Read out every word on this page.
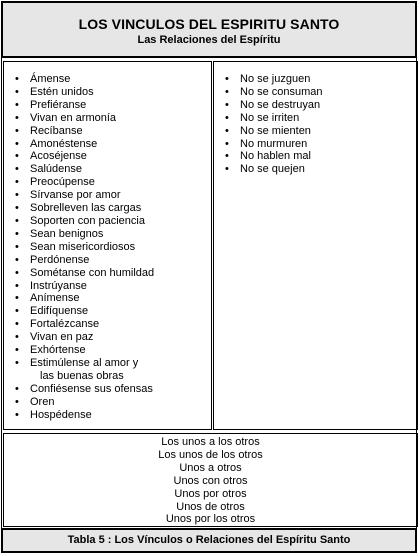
LOS VINCULOS DEL ESPIRITU SANTO
Las Relaciones del Espíritu
• Ámense
• Estén unidos
• Prefiéranse
• Vivan en armonía
• Recíbanse
• Amonéstense
• Acoséjense
• Salúdense
• Preocúpense
• Sírvanse por amor
• Sobrelleven las cargas
• Soporten con paciencia
• Sean benignos
• Sean misericordiosos
• Perdónense
• Sométanse con humildad
• Instrúyanse
• Anímense
• Edifíquense
• Fortalézcanse
• Vivan en paz
• Exhórtense
• Estimúlense al amor y
las buenas obras
• Confiésense sus ofensas
• Oren
• Hospédense
• No se juzguen
• No se consuman
• No se destruyan
• No se irriten
• No se mienten
• No murmuren
• No hablen mal
• No se quejen
Los unos a los otros
Los unos de los otros
Unos a otros
Unos con otros
Unos por otros
Unos de otros
Unos por los otros
Tabla 5 : Los Vínculos o Relaciones del Espíritu Santo
